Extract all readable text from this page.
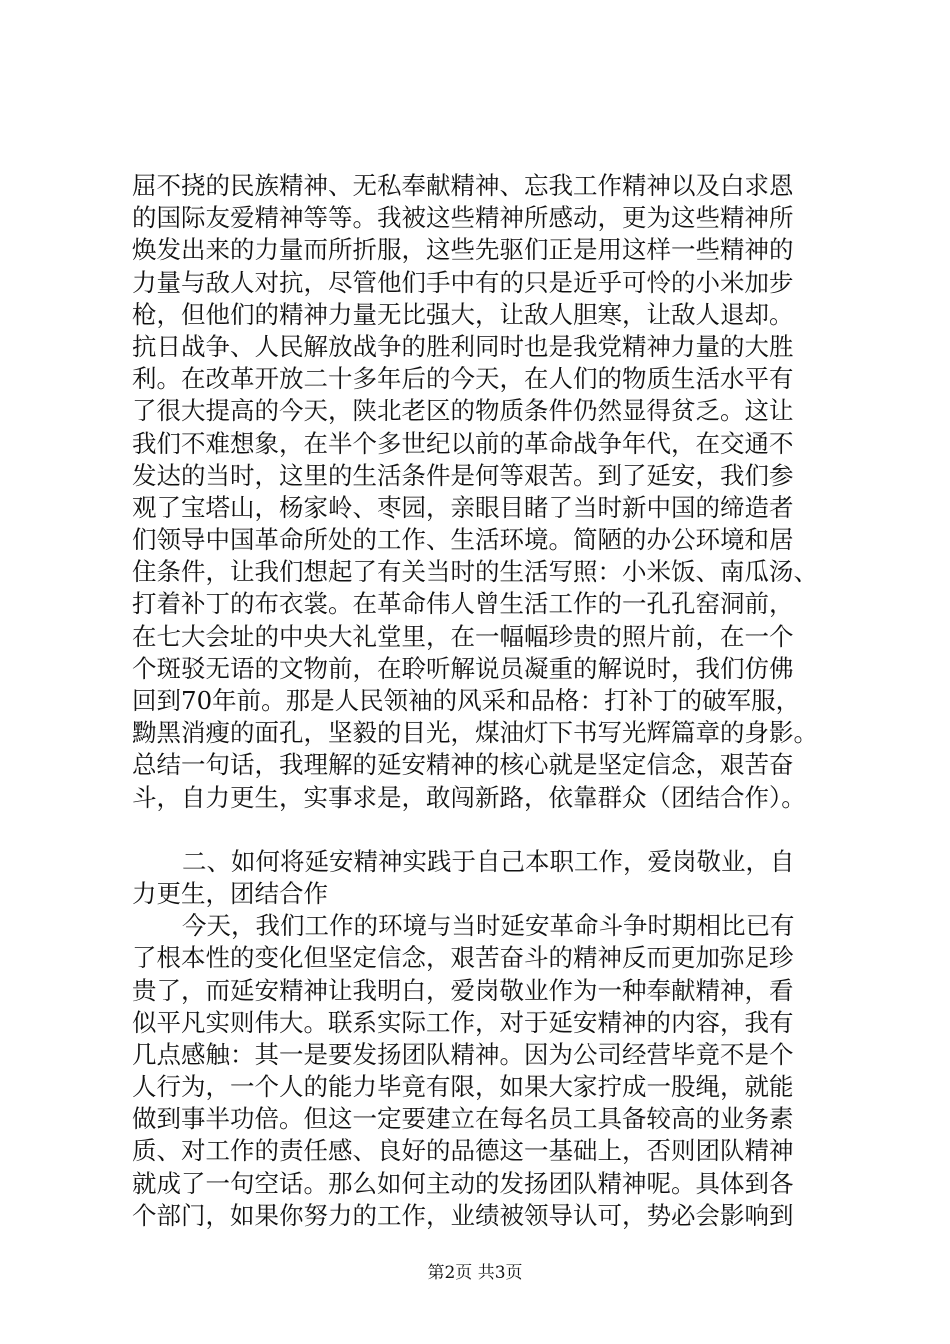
屈不挠的民族精神、无私奉献精神、忘我工作精神以及白求恩
的国际友爱精神等等。我被这些精神所感动，更为这些精神所
焕发出来的力量而所折服，这些先驱们正是用这样一些精神的
力量与敌人对抗，尽管他们手中有的只是近乎可怜的小米加步
枪，但他们的精神力量无比强大，让敌人胆寒，让敌人退却。
抗日战争、人民解放战争的胜利同时也是我党精神力量的大胜
利。在改革开放二十多年后的今天，在人们的物质生活水平有
了很大提高的今天，陕北老区的物质条件仍然显得贫乏。这让
我们不难想象，在半个多世纪以前的革命战争年代，在交通不
发达的当时，这里的生活条件是何等艰苦。到了延安，我们参
观了宝塔山，杨家岭、枣园，亲眼目睹了当时新中国的缔造者
们领导中国革命所处的工作、生活环境。简陋的办公环境和居
住条件，让我们想起了有关当时的生活写照：小米饭、南瓜汤、
打着补丁的布衣裳。在革命伟人曾生活工作的一孔孔窑洞前，
在七大会址的中央大礼堂里，在一幅幅珍贵的照片前，在一个
个斑驳无语的文物前，在聆听解说员凝重的解说时，我们仿佛
回到70年前。那是人民领袖的风采和品格：打补丁的破军服，
黝黑消瘦的面孔，坚毅的目光，煤油灯下书写光辉篇章的身影。
总结一句话，我理解的延安精神的核心就是坚定信念，艰苦奋
斗，自力更生，实事求是，敢闯新路，依靠群众（团结合作）。
二、如何将延安精神实践于自己本职工作，爱岗敬业，自
力更生，团结合作
今天，我们工作的环境与当时延安革命斗争时期相比已有
了根本性的变化但坚定信念，艰苦奋斗的精神反而更加弥足珍
贵了，而延安精神让我明白，爱岗敬业作为一种奉献精神，看
似平凡实则伟大。联系实际工作，对于延安精神的内容，我有
几点感触：其一是要发扬团队精神。因为公司经营毕竟不是个
人行为，一个人的能力毕竟有限，如果大家拧成一股绳，就能
做到事半功倍。但这一定要建立在每名员工具备较高的业务素
质、对工作的责任感、良好的品德这一基础上，否则团队精神
就成了一句空话。那么如何主动的发扬团队精神呢。具体到各
个部门，如果你努力的工作，业绩被领导认可，势必会影响到
第2页 共3页
